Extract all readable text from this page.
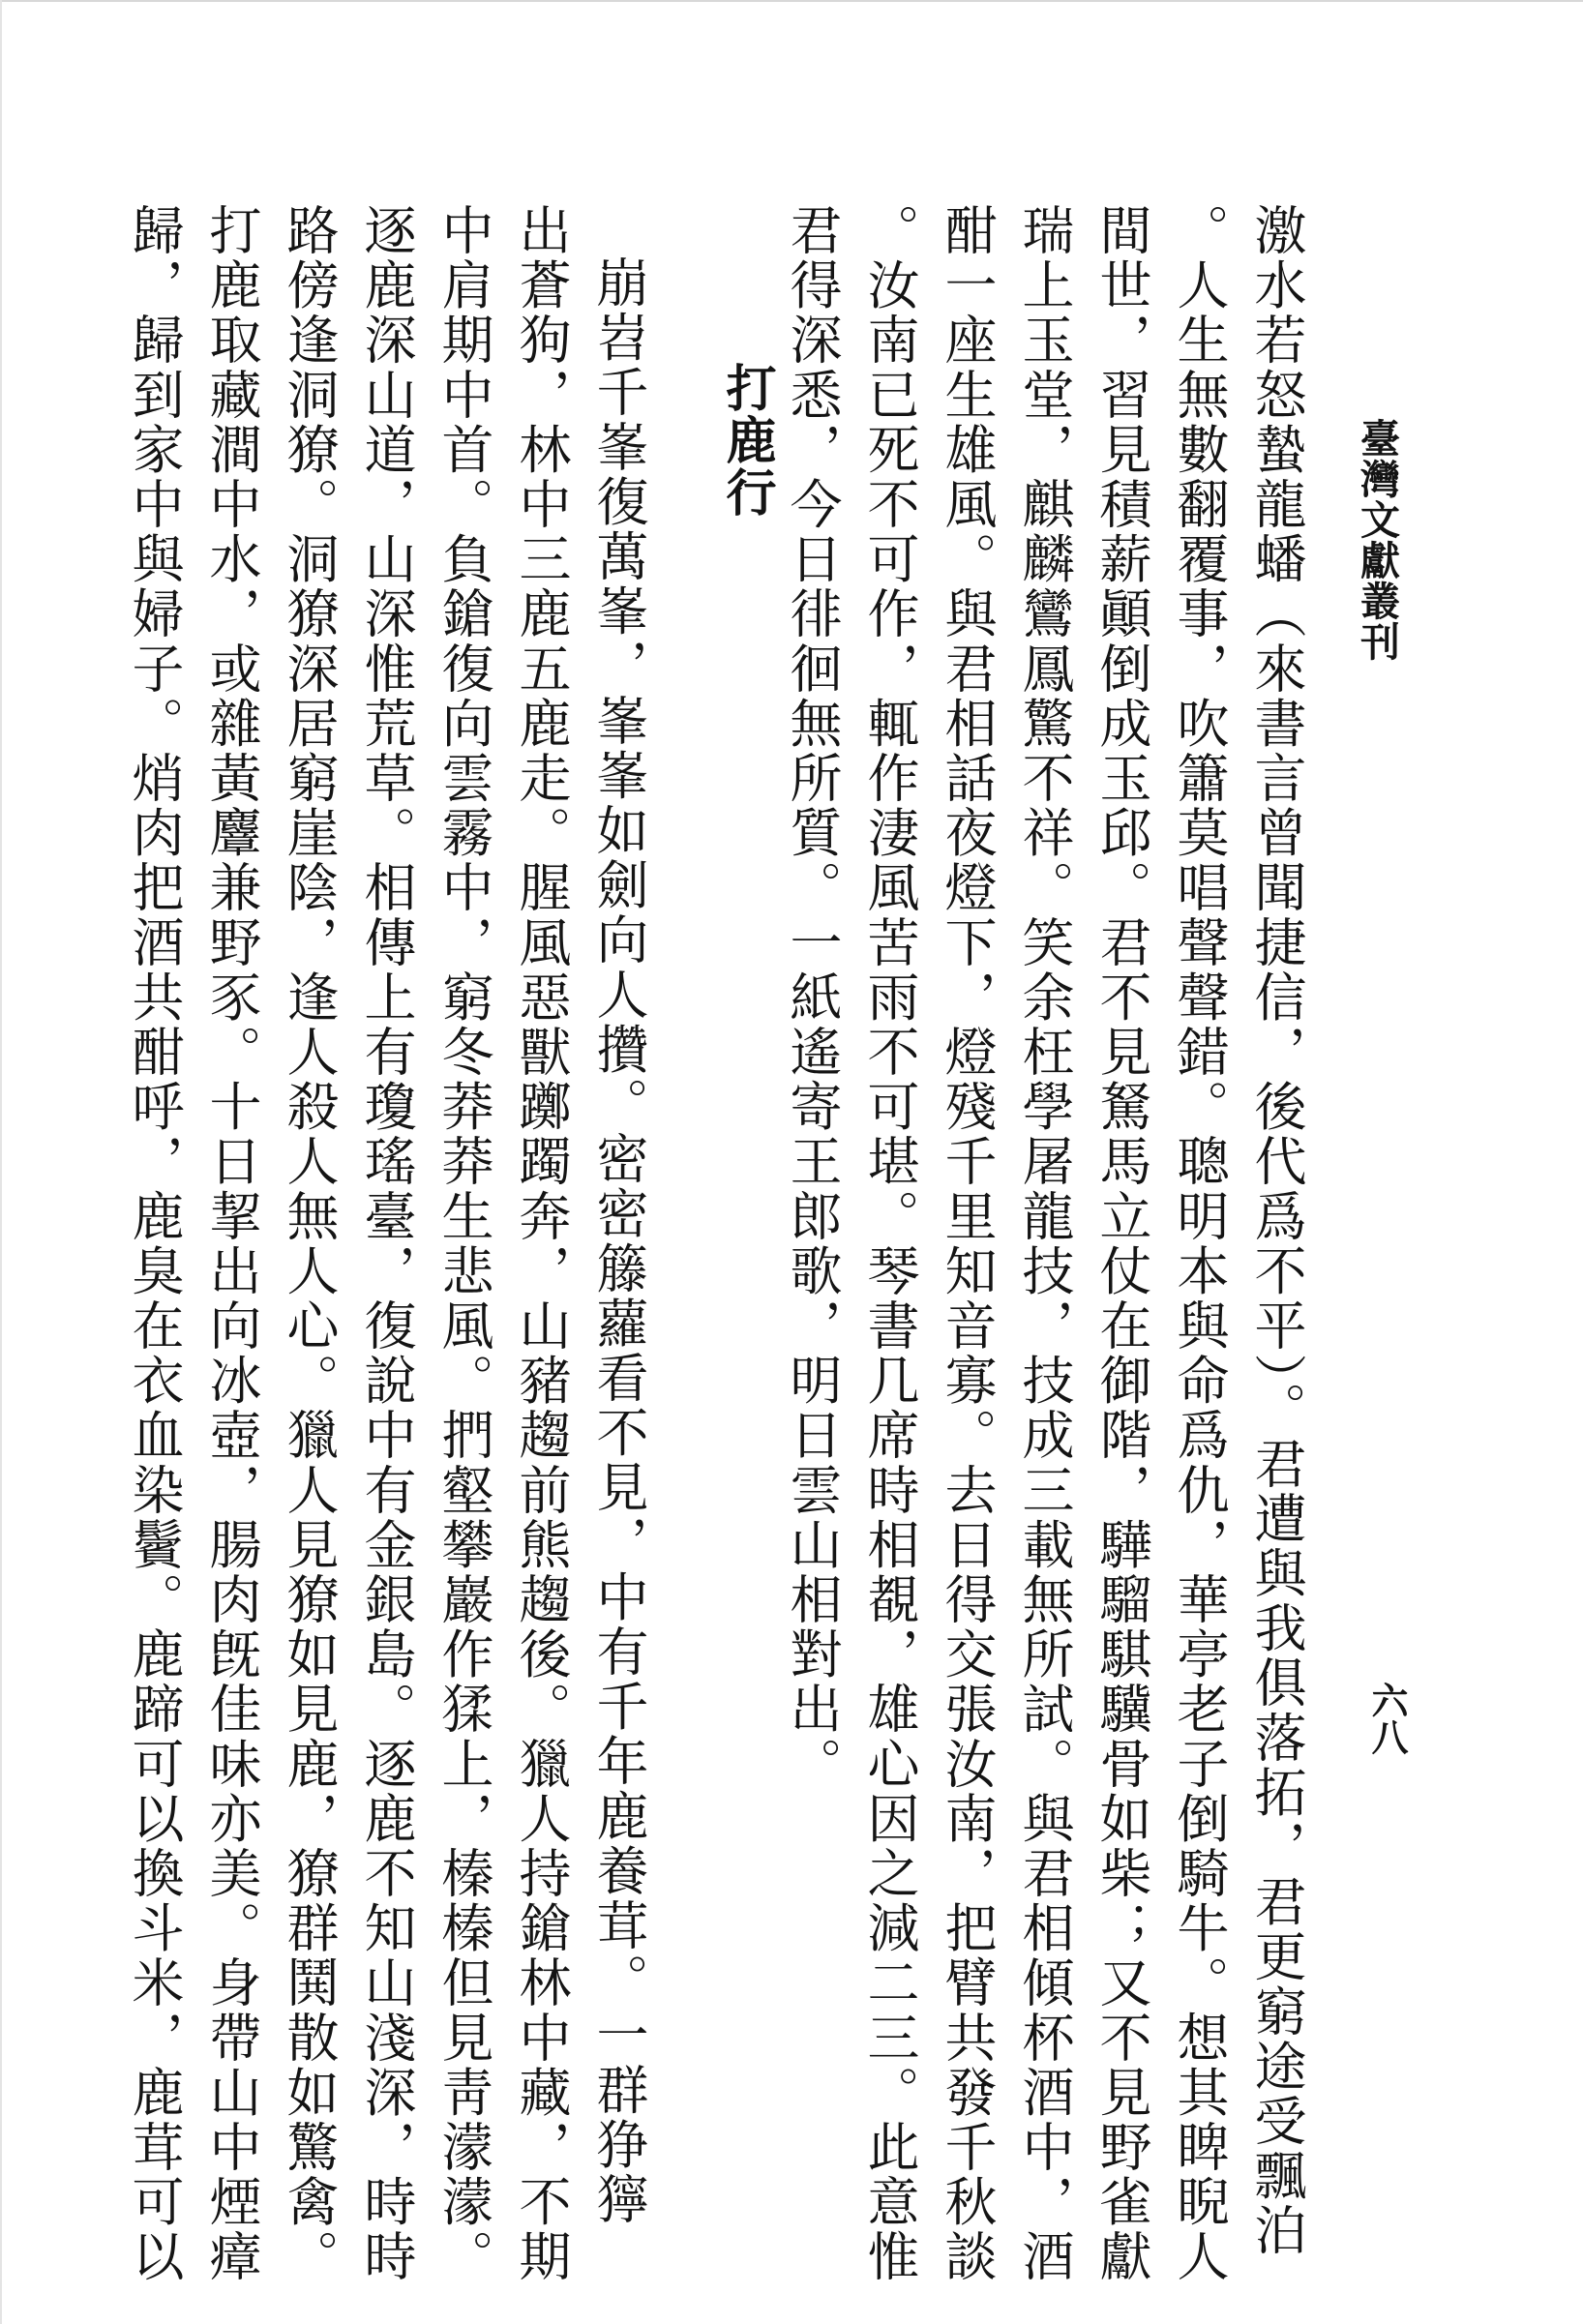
臺灣文獻叢刊
六八
激水若怒蟄龍蟠（來書言曾聞捷信，後代爲不平）。君遭與我俱落拓，君更窮途受飄泊
。人生無數翻覆事，吹簫莫唱聲聲錯。聰明本與命爲仇，華亭老子倒騎牛。想其睥睨人
間世，習見積薪顚倒成玉邱。君不見駑馬立仗在御階，驊騮騏驥骨如柴；又不見野雀獻
瑞上玉堂，麒麟鸞鳳驚不祥。笑余枉學屠龍技，技成三載無所試。與君相傾杯酒中，酒
酣一座生雄風。與君相話夜燈下，燈殘千里知音寡。去日得交張汝南，把臂共發千秋談
。汝南已死不可作，輒作淒風苦雨不可堪。琴書几席時相覩，雄心因之減二三。此意惟
君得深悉，今日徘徊無所質。一紙遙寄王郎歌，明日雲山相對出。
打鹿行
崩岧千峯復萬峯，峯峯如劍向人攢。密密籐蘿看不見，中有千年鹿養茸。一群狰獰
出蒼狗，林中三鹿五鹿走。腥風惡獸躑躅奔，山豬趨前熊趨後。獵人持鎗林中藏，不期
中肩期中首。負鎗復向雲霧中，窮冬莽莽生悲風。捫壑攀巖作猱上，榛榛但見靑濛濛。
逐鹿深山道，山深惟荒草。相傳上有瓊瑤臺，復說中有金銀島。逐鹿不知山淺深，時時
路傍逢洞獠。洞獠深居窮崖陰，逢人殺人無人心。獵人見獠如見鹿，獠群鬨散如驚禽。
打鹿取藏澗中水，或雜黃麞兼野豕。十日挈出向冰壺，腸肉旣佳味亦美。身帶山中煙瘴
歸，歸到家中與婦子。焇肉把酒共酣呼，鹿臭在衣血染鬢。鹿蹄可以換斗米，鹿茸可以
